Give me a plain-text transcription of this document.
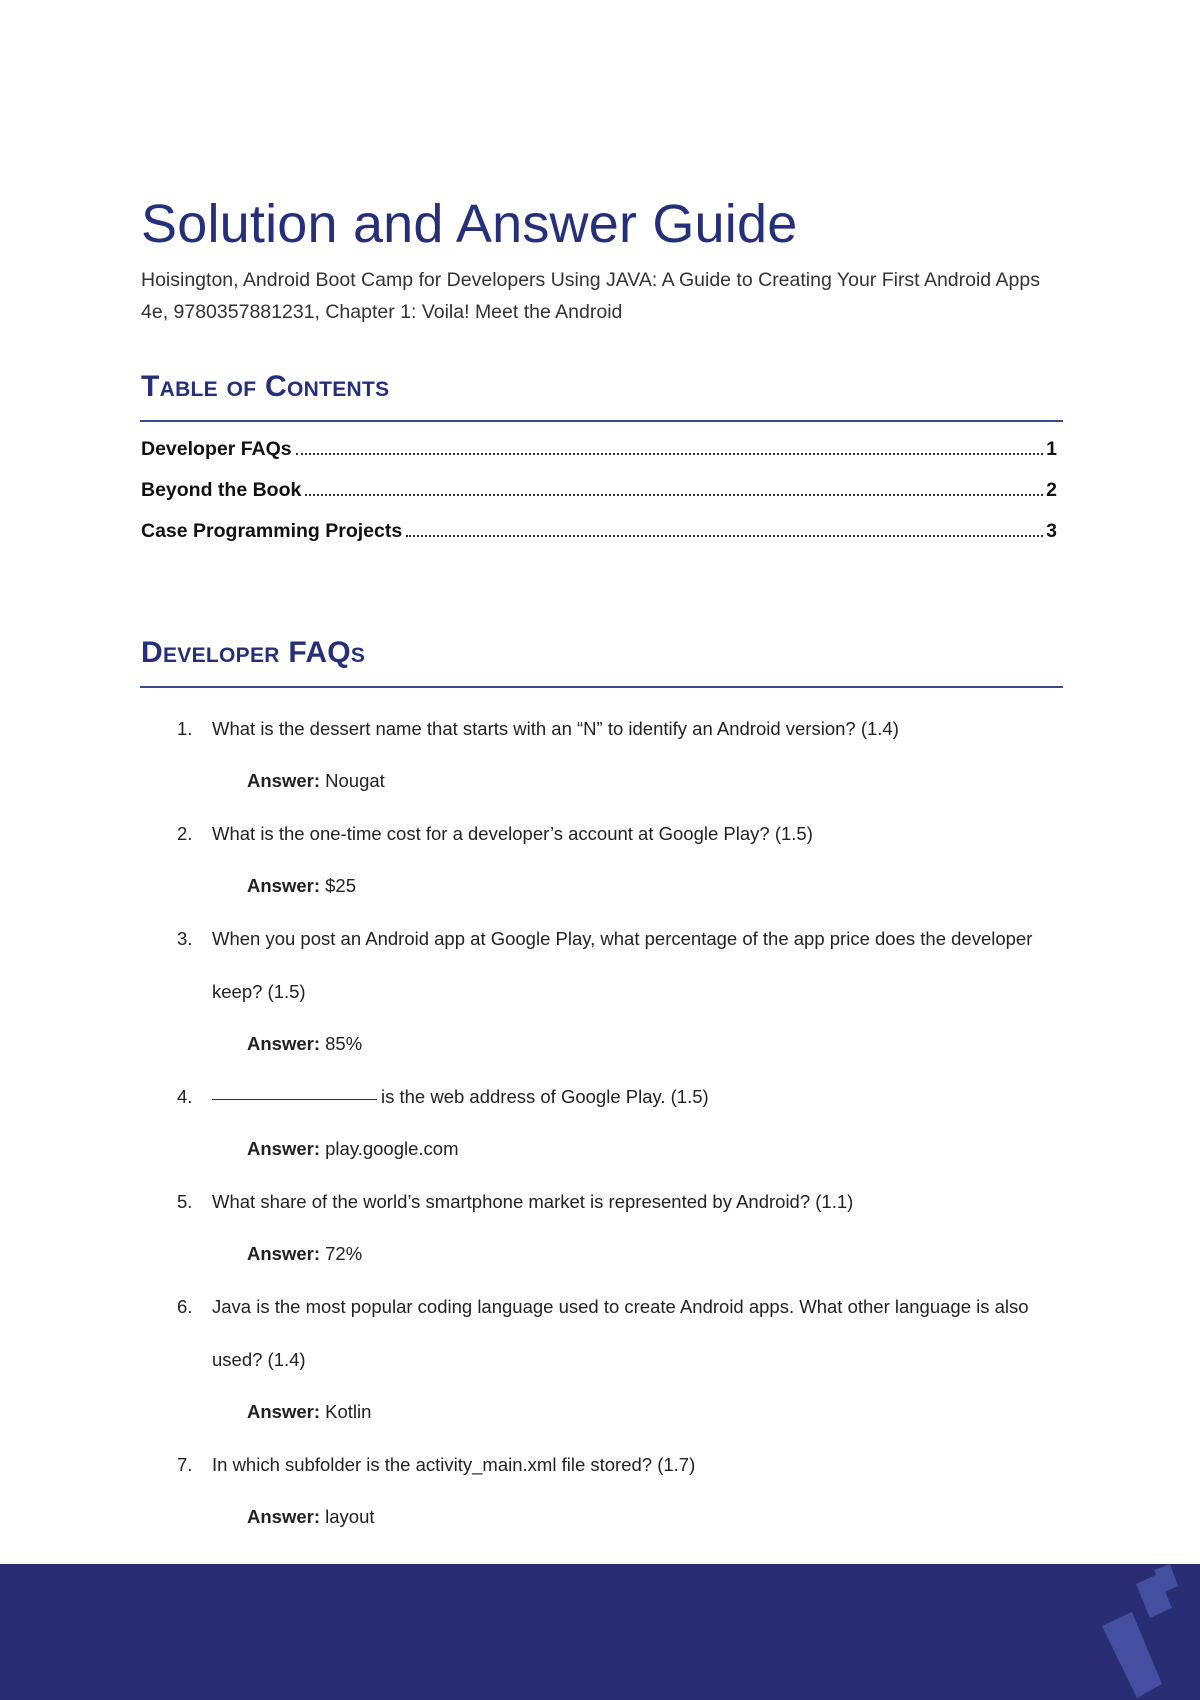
Solution and Answer Guide

Hoisington, Android Boot Camp for Developers Using JAVA: A Guide to Creating Your First Android Apps 4e, 9780357881231, Chapter 1: Voila! Meet the Android

Table of Contents
Developer FAQs	1
Beyond the Book	2
Case Programming Projects	3
Developer FAQs
1. What is the dessert name that starts with an “N” to identify an Android version? (1.4)
Answer: Nougat
2. What is the one-time cost for a developer’s account at Google Play? (1.5)
Answer: $25
3. When you post an Android app at Google Play, what percentage of the app price does the developer keep? (1.5)
Answer: 85%
4.	is the web address of Google Play. (1.5)
Answer: play.google.com
5. What share of the world’s smartphone market is represented by Android? (1.1)
Answer: 72%
6. Java is the most popular coding language used to create Android apps. What other language is also used? (1.4)
Answer: Kotlin
7. In which subfolder is the activity_main.xml file stored? (1.7)
Answer: layout
